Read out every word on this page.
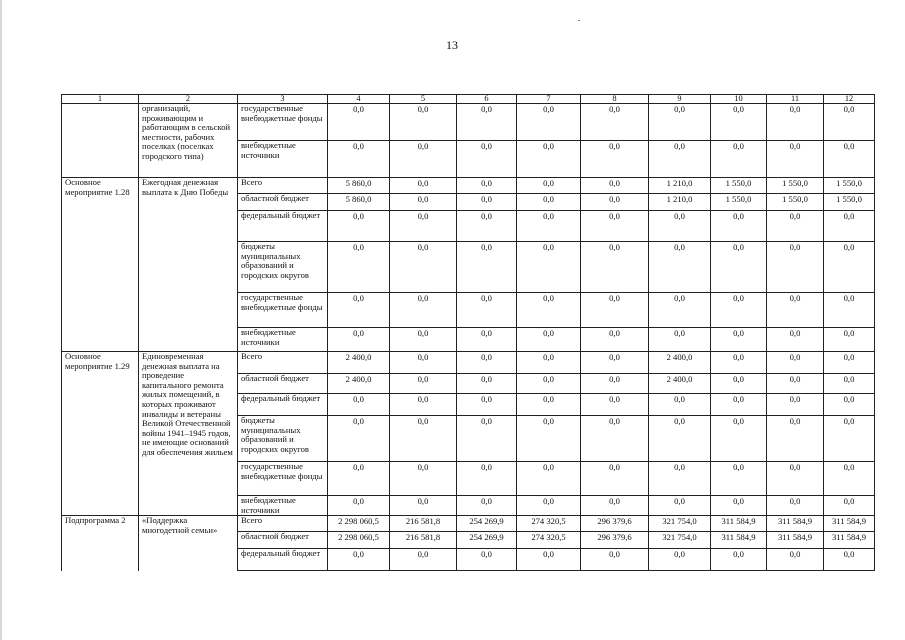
13
1	2	3	4	5	6	7	8	9	10	11	12
	организаций, проживающим и работающим в сельской местности, рабочих поселках (поселках городского типа)	государственные внебюджетные фонды	0,0	0,0	0,0	0,0	0,0	0,0	0,0	0,0	0,0
		внебюджетные источники	0,0	0,0	0,0	0,0	0,0	0,0	0,0	0,0	0,0
Основное мероприятие 1.28	Ежегодная денежная выплата к Дню Победы	Всего	5 860,0	0,0	0,0	0,0	0,0	1 210,0	1 550,0	1 550,0	1 550,0
		областной бюджет	5 860,0	0,0	0,0	0,0	0,0	1 210,0	1 550,0	1 550,0	1 550,0
		федеральный бюджет	0,0	0,0	0,0	0,0	0,0	0,0	0,0	0,0	0,0
		бюджеты муниципальных образований и городских округов	0,0	0,0	0,0	0,0	0,0	0,0	0,0	0,0	0,0
		государственные внебюджетные фонды	0,0	0,0	0,0	0,0	0,0	0,0	0,0	0,0	0,0
		внебюджетные источники	0,0	0,0	0,0	0,0	0,0	0,0	0,0	0,0	0,0
Основное мероприятие 1.29	Единовременная денежная выплата на проведение капитального ремонта жилых помещений, в которых проживают инвалиды и ветераны Великой Отечественной войны 1941–1945 годов, не имеющие оснований для обеспечения жильем	Всего	2 400,0	0,0	0,0	0,0	0,0	2 400,0	0,0	0,0	0,0
		областной бюджет	2 400,0	0,0	0,0	0,0	0,0	2 400,0	0,0	0,0	0,0
		федеральный бюджет	0,0	0,0	0,0	0,0	0,0	0,0	0,0	0,0	0,0
		бюджеты муниципальных образований и городских округов	0,0	0,0	0,0	0,0	0,0	0,0	0,0	0,0	0,0
		государственные внебюджетные фонды	0,0	0,0	0,0	0,0	0,0	0,0	0,0	0,0	0,0
		внебюджетные источники	0,0	0,0	0,0	0,0	0,0	0,0	0,0	0,0	0,0
Подпрограмма 2	«Поддержка многодетной семьи»	Всего	2 298 060,5	216 581,8	254 269,9	274 320,5	296 379,6	321 754,0	311 584,9	311 584,9	311 584,9
		областной бюджет	2 298 060,5	216 581,8	254 269,9	274 320,5	296 379,6	321 754,0	311 584,9	311 584,9	311 584,9
		федеральный бюджет	0,0	0,0	0,0	0,0	0,0	0,0	0,0	0,0	0,0
